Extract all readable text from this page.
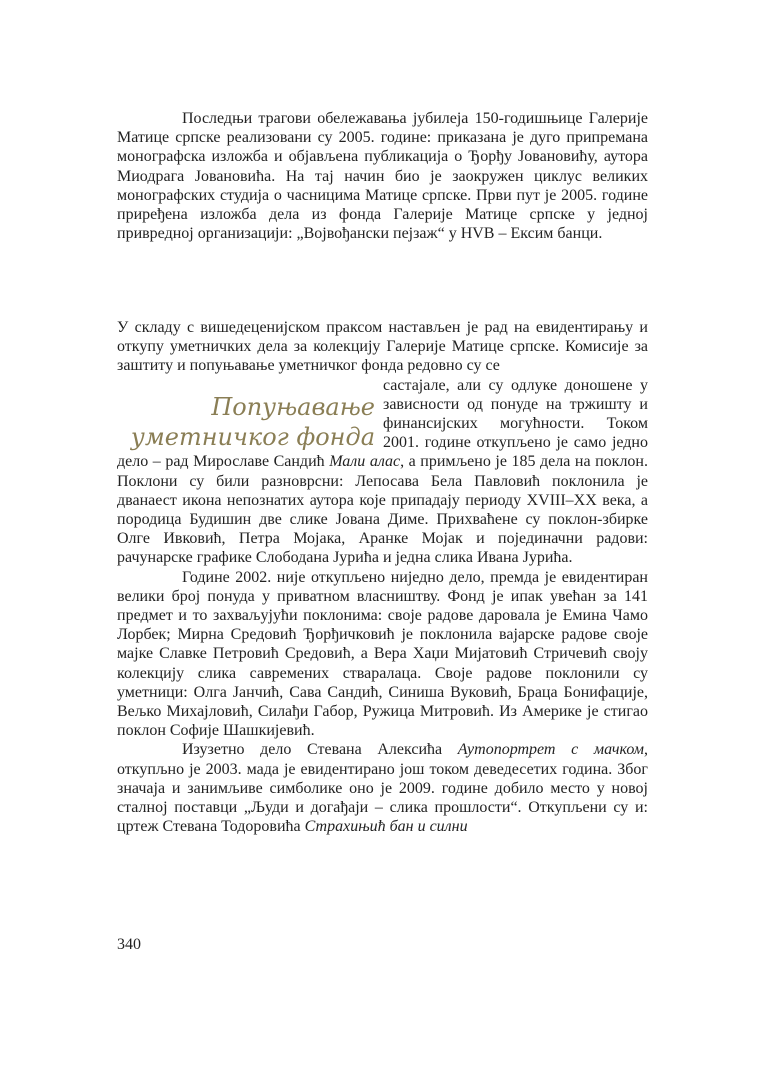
Последњи трагови обележавања јубилеја 150-годишњице Галерије Матице српске реализовани су 2005. године: приказана је дуго припремана монографска изложба и објављена публикација о Ђорђу Јовановићу, аутора Миодрага Јовановића. На тај начин био је заокружен циклус великих монографских студија о часницима Матице српске. Први пут је 2005. године приређена изложба дела из фонда Галерије Матице српске у једној привредној организацији: „Војвођански пејзаж“ у HVB – Ексим банци.

У складу с вишедеценијском праксом настављен је рад на евидентирању и откупу уметничких дела за колекцију Галерије Матице српске. Комисије за заштиту и попуњавање уметничког фонда редовно су се

Попуњавање
уметничког фонда

састајале, али су одлуке доношене у зависности од понуде на тржишту и финансијских могућности. Током 2001. године откупљено је само једно дело – рад Мирославе Сандић Мали алас, а примљено је 185 дела на поклон. Поклони су били разноврсни: Лепосава Бела Павловић поклонила је дванаест икона непознатих аутора које припадају периоду XVIII–XX века, а породица Будишин две слике Јована Диме. Прихваћене су поклон-збирке Олге Ивковић, Петра Мојака, Аранке Мојак и појединачни радови: рачунарске графике Слободана Јурића и једна слика Ивана Јурића.

Године 2002. није откупљено ниједно дело, премда је евидентиран велики број понуда у приватном власништву. Фонд је ипак увећан за 141 предмет и то захваљујући поклонима: своје радове даровала је Емина Чамо Лорбек; Мирна Средовић Ђорђичковић је поклонила вајарске радове своје мајке Славке Петровић Средовић, а Вера Хаџи Мијатовић Стричевић своју колекцију слика савремених стваралаца. Своје радове поклонили су уметници: Олга Јанчић, Сава Сандић, Синиша Вуковић, Браца Бонифације, Вељко Михајловић, Силађи Габор, Ружица Митровић. Из Америке је стигао поклон Софије Шашкијевић.

Изузетно дело Стевана Алексића Аутопортрет с мачком, откупљно је 2003. мада је евидентирано још током деведесетих година. Због значаја и занимљиве симболике оно је 2009. године добило место у новој сталној поставци „Људи и догађаји – слика прошлости“. Откупљени су и: цртеж Стевана Тодоровића Страхињић бан и силни

340
